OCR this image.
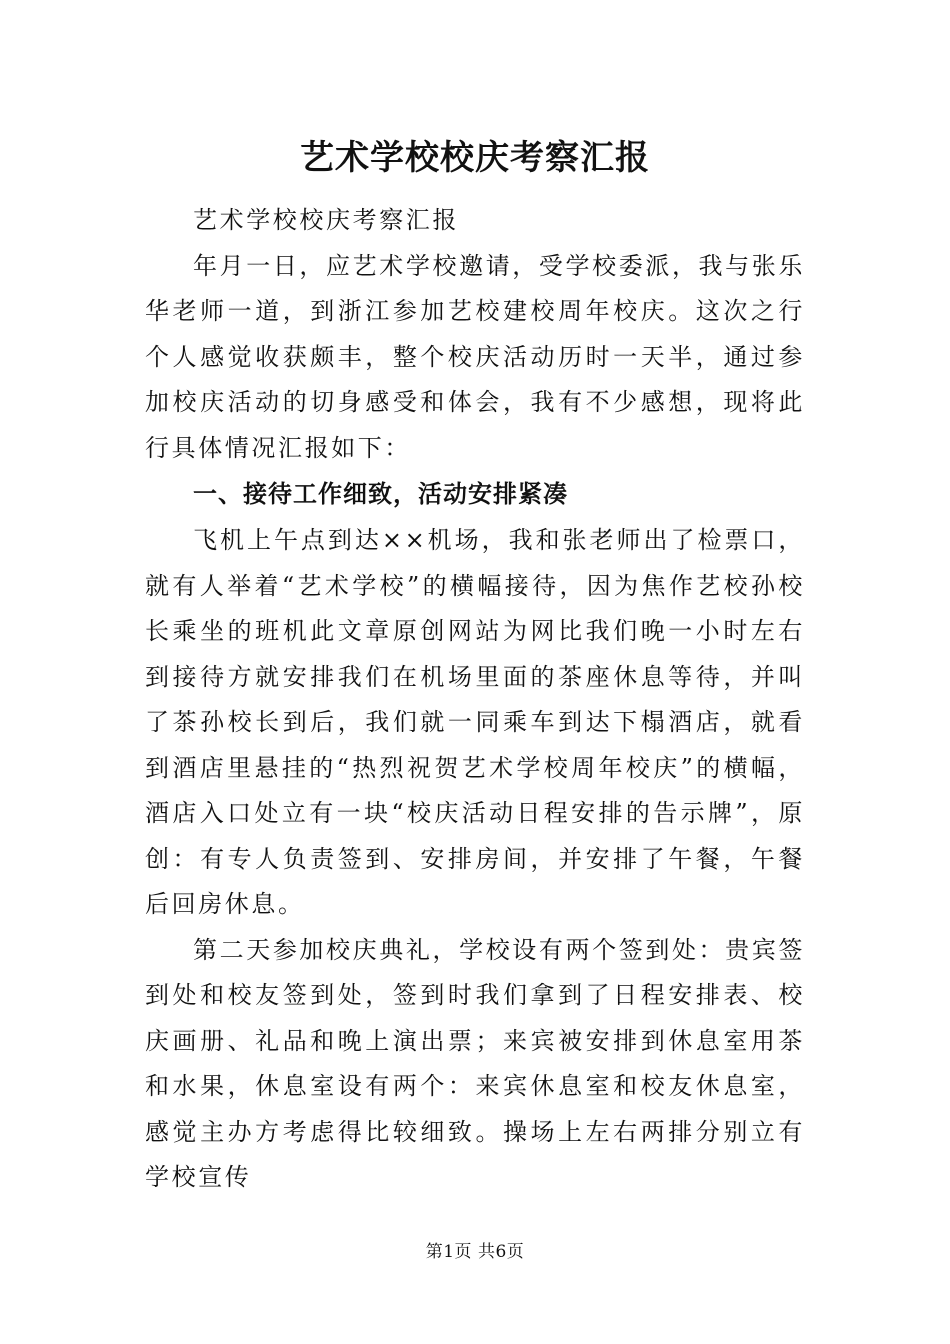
艺术学校校庆考察汇报

艺术学校校庆考察汇报

年月一日，应艺术学校邀请，受学校委派，我与张乐华老师一道，到浙江参加艺校建校周年校庆。这次之行个人感觉收获颇丰，整个校庆活动历时一天半，通过参加校庆活动的切身感受和体会，我有不少感想，现将此行具体情况汇报如下：

一、接待工作细致，活动安排紧凑

飞机上午点到达××机场，我和张老师出了检票口，就有人举着“艺术学校”的横幅接待，因为焦作艺校孙校长乘坐的班机此文章原创网站为网比我们晚一小时左右到接待方就安排我们在机场里面的茶座休息等待，并叫了茶孙校长到后，我们就一同乘车到达下榻酒店，就看到酒店里悬挂的“热烈祝贺艺术学校周年校庆”的横幅，酒店入口处立有一块“校庆活动日程安排的告示牌”，原创：有专人负责签到、安排房间，并安排了午餐，午餐后回房休息。

第二天参加校庆典礼，学校设有两个签到处：贵宾签到处和校友签到处，签到时我们拿到了日程安排表、校庆画册、礼品和晚上演出票；来宾被安排到休息室用茶和水果，休息室设有两个：来宾休息室和校友休息室，感觉主办方考虑得比较细致。操场上左右两排分别立有学校宣传

第1页 共6页
